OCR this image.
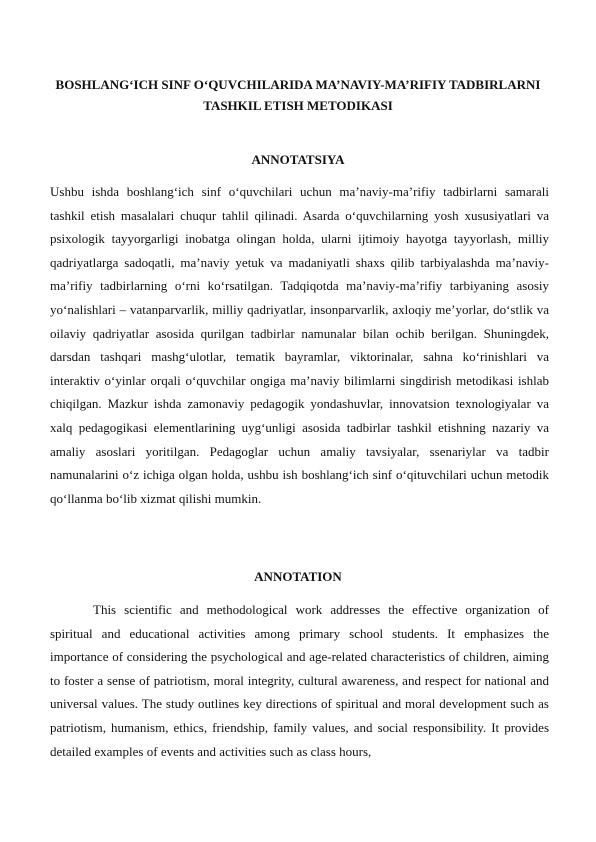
BOSHLANG‘ICH SINF O‘QUVCHILARIDA MA’NAVIY-MA’RIFIY TADBIRLARNI TASHKIL ETISH METODIKASI
ANNOTATSIYA

Ushbu ishda boshlang‘ich sinf o‘quvchilari uchun ma’naviy-ma’rifiy tadbirlarni samarali tashkil etish masalalari chuqur tahlil qilinadi. Asarda o‘quvchilarning yosh xususiyatlari va psixologik tayyorgarligi inobatga olingan holda, ularni ijtimoiy hayotga tayyorlash, milliy qadriyatlarga sadoqatli, ma’naviy yetuk va madaniyatli shaxs qilib tarbiyalashda ma’naviy-ma’rifiy tadbirlarning o‘rni ko‘rsatilgan. Tadqiqotda ma’naviy-ma’rifiy tarbiyaning asosiy yo‘nalishlari – vatanparvarlik, milliy qadriyatlar, insonparvarlik, axloqiy me’yorlar, do‘stlik va oilaviy qadriyatlar asosida qurilgan tadbirlar namunalar bilan ochib berilgan. Shuningdek, darsdan tashqari mashg‘ulotlar, tematik bayramlar, viktorinalar, sahna ko‘rinishlari va interaktiv o‘yinlar orqali o‘quvchilar ongiga ma’naviy bilimlarni singdirish metodikasi ishlab chiqilgan. Mazkur ishda zamonaviy pedagogik yondashuvlar, innovatsion texnologiyalar va xalq pedagogikasi elementlarining uyg‘unligi asosida tadbirlar tashkil etishning nazariy va amaliy asoslari yoritilgan. Pedagoglar uchun amaliy tavsiyalar, ssenariylar va tadbir namunalarini o‘z ichiga olgan holda, ushbu ish boshlang‘ich sinf o‘qituvchilari uchun metodik qo‘llanma bo‘lib xizmat qilishi mumkin.

ANNOTATION

This scientific and methodological work addresses the effective organization of spiritual and educational activities among primary school students. It emphasizes the importance of considering the psychological and age-related characteristics of children, aiming to foster a sense of patriotism, moral integrity, cultural awareness, and respect for national and universal values. The study outlines key directions of spiritual and moral development such as patriotism, humanism, ethics, friendship, family values, and social responsibility. It provides detailed examples of events and activities such as class hours,
